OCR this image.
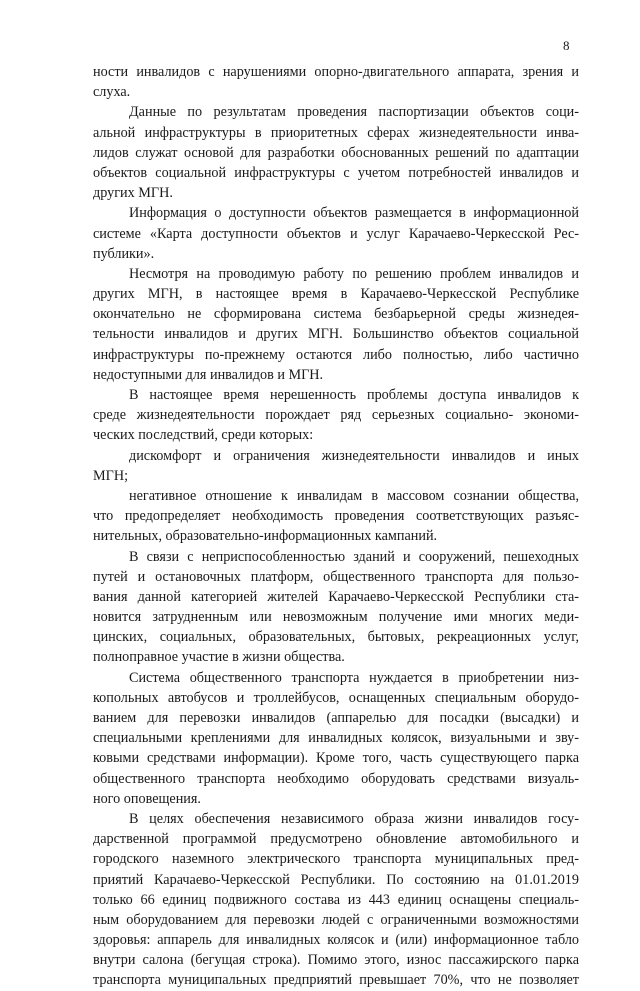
8
ности инвалидов с нарушениями опорно-двигательного аппарата, зрения и
слуха.
Данные по результатам проведения паспортизации объектов соци-
альной инфраструктуры в приоритетных сферах жизнедеятельности инва-
лидов служат основой для разработки обоснованных решений по адаптации
объектов социальной инфраструктуры с учетом потребностей инвалидов и
других МГН.
Информация о доступности объектов размещается в информационной
системе «Карта доступности объектов и услуг Карачаево-Черкесской Рес-
публики».
Несмотря на проводимую работу по решению проблем инвалидов и
других МГН, в настоящее время в Карачаево-Черкесской Республике
окончательно не сформирована система безбарьерной среды жизнедея-
тельности инвалидов и других МГН. Большинство объектов социальной
инфраструктуры по-прежнему остаются либо полностью, либо частично
недоступными для инвалидов и МГН.
В настоящее время нерешенность проблемы доступа инвалидов к
среде жизнедеятельности порождает ряд серьезных социально- экономи-
ческих последствий, среди которых:
дискомфорт и ограничения жизнедеятельности инвалидов и иных
МГН;
негативное отношение к инвалидам в массовом сознании общества,
что предопределяет необходимость проведения соответствующих разъяс-
нительных, образовательно-информационных кампаний.
В связи с неприспособленностью зданий и сооружений, пешеходных
путей и остановочных платформ, общественного транспорта для пользо-
вания данной категорией жителей Карачаево-Черкесской Республики ста-
новится затрудненным или невозможным получение ими многих меди-
цинских, социальных, образовательных, бытовых, рекреационных услуг,
полноправное участие в жизни общества.
Система общественного транспорта нуждается в приобретении низ-
копольных автобусов и троллейбусов, оснащенных специальным оборудо-
ванием для перевозки инвалидов (аппарелью для посадки (высадки) и
специальными креплениями для инвалидных колясок, визуальными и зву-
ковыми средствами информации). Кроме того, часть существующего парка
общественного транспорта необходимо оборудовать средствами визуаль-
ного оповещения.
В целях обеспечения независимого образа жизни инвалидов госу-
дарственной программой предусмотрено обновление автомобильного и
городского наземного электрического транспорта муниципальных пред-
приятий Карачаево-Черкесской Республики. По состоянию на 01.01.2019
только 66 единиц подвижного состава из 443 единиц оснащены специаль-
ным оборудованием для перевозки людей с ограниченными возможностями
здоровья: аппарель для инвалидных колясок и (или) информационное табло
внутри салона (бегущая строка). Помимо этого, износ пассажирского парка
транспорта муниципальных предприятий превышает 70%, что не позволяет
